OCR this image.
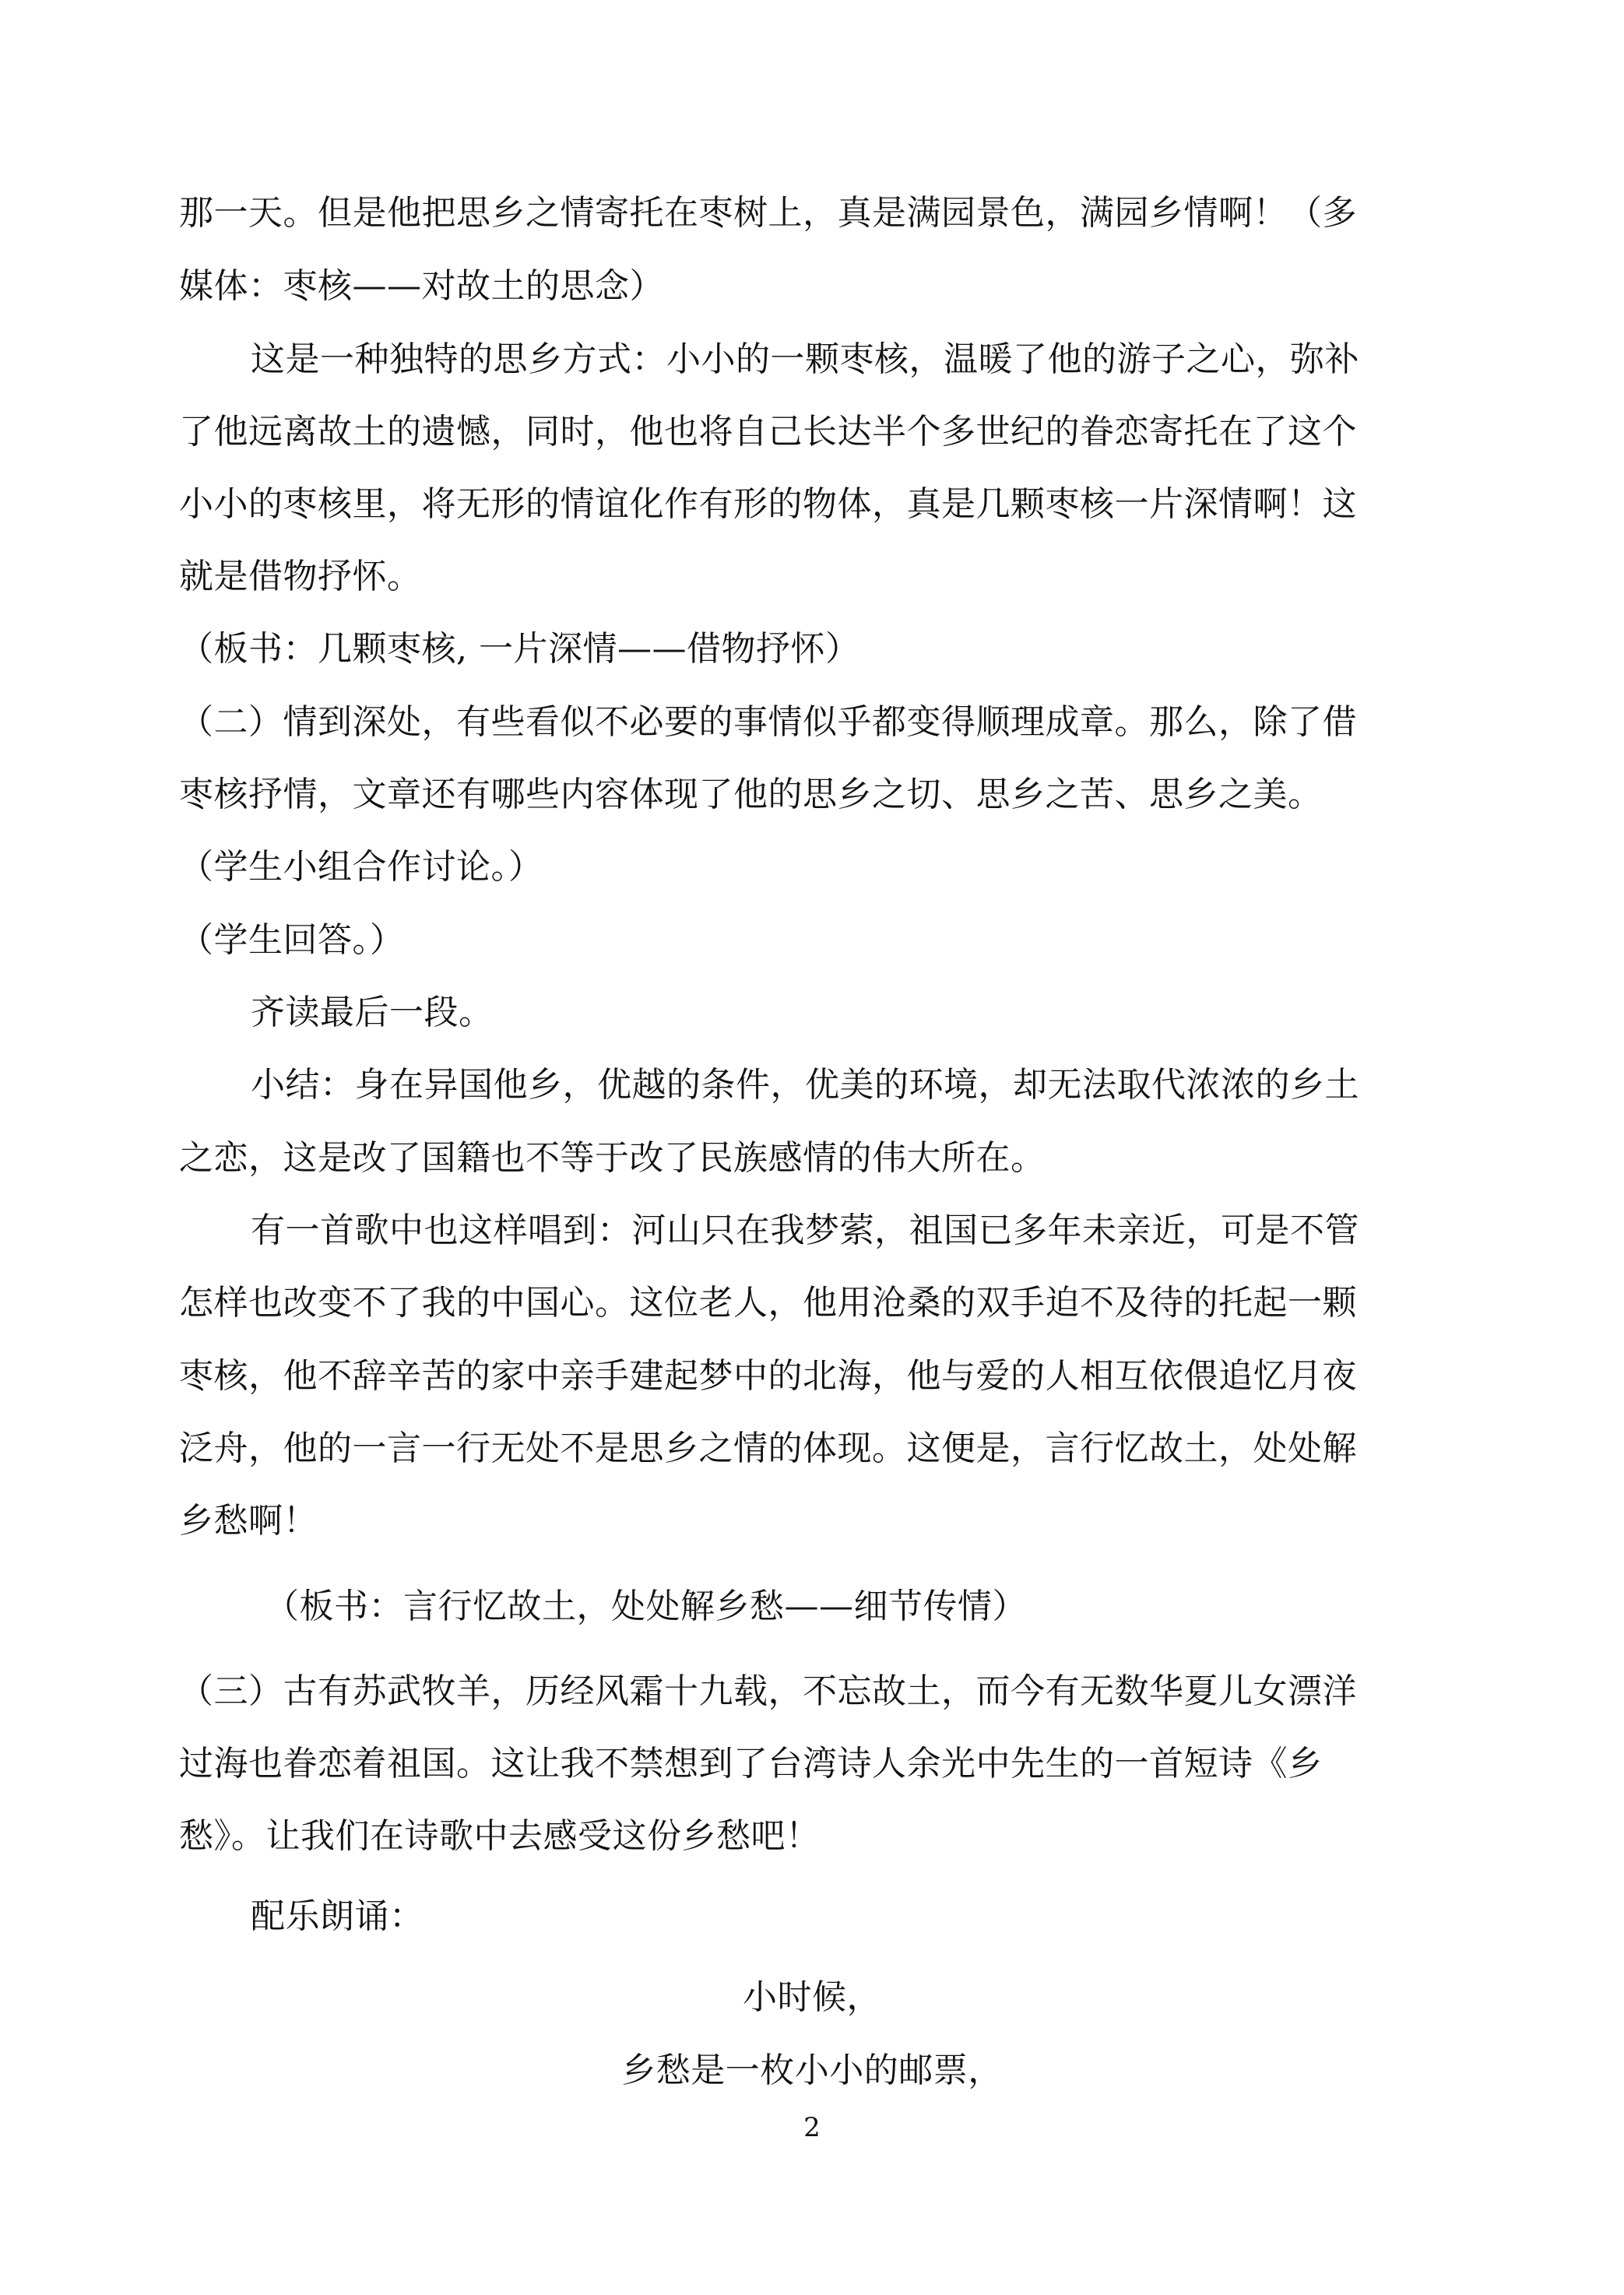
那一天。但是他把思乡之情寄托在枣树上，真是满园景色，满园乡情啊！（多
媒体：枣核——对故土的思念）
这是一种独特的思乡方式：小小的一颗枣核，温暖了他的游子之心，弥补
了他远离故土的遗憾，同时，他也将自己长达半个多世纪的眷恋寄托在了这个
小小的枣核里，将无形的情谊化作有形的物体，真是几颗枣核一片深情啊！这
就是借物抒怀。
（板书：几颗枣核, 一片深情——借物抒怀）
（二）情到深处，有些看似不必要的事情似乎都变得顺理成章。那么，除了借
枣核抒情，文章还有哪些内容体现了他的思乡之切、思乡之苦、思乡之美。
（学生小组合作讨论。）
（学生回答。）
齐读最后一段。
小结：身在异国他乡，优越的条件，优美的环境，却无法取代浓浓的乡土
之恋，这是改了国籍也不等于改了民族感情的伟大所在。
有一首歌中也这样唱到：河山只在我梦萦，祖国已多年未亲近，可是不管
怎样也改变不了我的中国心。这位老人，他用沧桑的双手迫不及待的托起一颗
枣核，他不辞辛苦的家中亲手建起梦中的北海，他与爱的人相互依偎追忆月夜
泛舟，他的一言一行无处不是思乡之情的体现。这便是，言行忆故土，处处解
乡愁啊！
（板书：言行忆故土，处处解乡愁——细节传情）
（三）古有苏武牧羊，历经风霜十九载，不忘故土，而今有无数华夏儿女漂洋
过海也眷恋着祖国。这让我不禁想到了台湾诗人余光中先生的一首短诗《乡
愁》。让我们在诗歌中去感受这份乡愁吧！
配乐朗诵：
小时候，
乡愁是一枚小小的邮票，
2
